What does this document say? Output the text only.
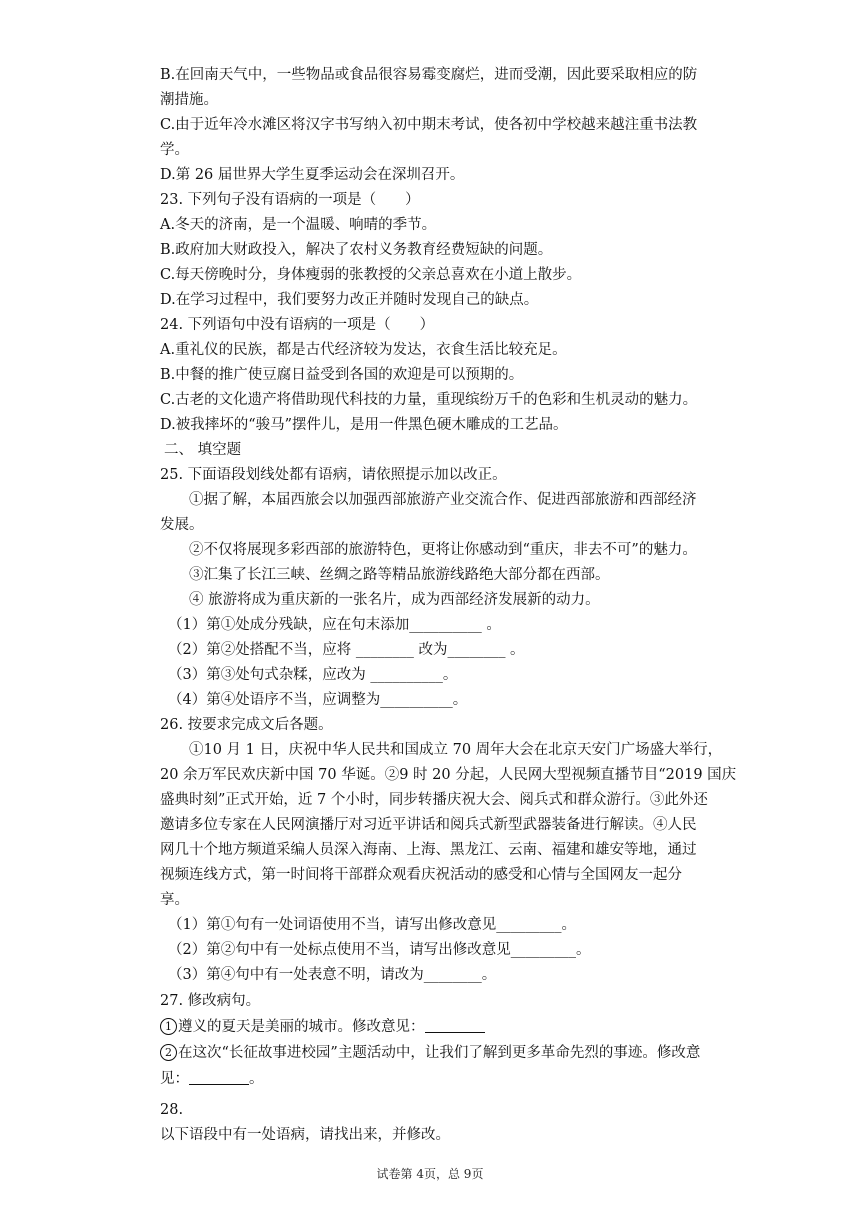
B.在回南天气中，一些物品或食品很容易霉变腐烂，进而受潮，因此要采取相应的防

潮措施。

C.由于近年冷水滩区将汉字书写纳入初中期末考试，使各初中学校越来越注重书法教

学。

D.第 26 届世界大学生夏季运动会在深圳召开。

23. 下列句子没有语病的一项是（　　）

A.冬天的济南，是一个温暖、响晴的季节。

B.政府加大财政投入，解决了农村义务教育经费短缺的问题。

C.每天傍晚时分，身体瘦弱的张教授的父亲总喜欢在小道上散步。

D.在学习过程中，我们要努力改正并随时发现自己的缺点。

24. 下列语句中没有语病的一项是（　　）

A.重礼仪的民族，都是古代经济较为发达，衣食生活比较充足。

B.中餐的推广使豆腐日益受到各国的欢迎是可以预期的。

C.古老的文化遗产将借助现代科技的力量，重现缤纷万千的色彩和生机灵动的魅力。

D.被我摔坏的“骏马”摆件儿，是用一件黑色硬木雕成的工艺品。

二、 填空题

25. 下面语段划线处都有语病，请依照提示加以改正。

①据了解，本届西旅会以加强西部旅游产业交流合作、促进西部旅游和西部经济

发展。

②不仅将展现多彩西部的旅游特色，更将让你感动到“重庆，非去不可”的魅力。

③汇集了长江三峡、丝绸之路等精品旅游线路绝大部分都在西部。

④ 旅游将成为重庆新的一张名片，成为西部经济发展新的动力。

（1）第①处成分残缺，应在句末添加__________ 。

（2）第②处搭配不当，应将 ________ 改为________ 。

（3）第③处句式杂糅，应改为 __________。

（4）第④处语序不当，应调整为__________。

26. 按要求完成文后各题。

①10 月 1 日，庆祝中华人民共和国成立 70 周年大会在北京天安门广场盛大举行，

20 余万军民欢庆新中国 70 华诞。②9 时 20 分起，人民网大型视频直播节目“2019 国庆

盛典时刻”正式开始，近 7 个小时，同步转播庆祝大会、阅兵式和群众游行。③此外还

邀请多位专家在人民网演播厅对习近平讲话和阅兵式新型武器装备进行解读。④人民

网几十个地方频道采编人员深入海南、上海、黑龙江、云南、福建和雄安等地，通过

视频连线方式，第一时间将干部群众观看庆祝活动的感受和心情与全国网友一起分

享。

（1）第①句有一处词语使用不当，请写出修改意见_________。

（2）第②句中有一处标点使用不当，请写出修改意见_________。

（3）第④句中有一处表意不明，请改为________。

27. 修改病句。

1 遵义的夏天是美丽的城市。修改意见：

2 在这次“长征故事进校园”主题活动中，让我们了解到更多革命先烈的事迹。修改意

见：	。

28.

以下语段中有一处语病，请找出来，并修改。

试卷第 4页，总 9页
